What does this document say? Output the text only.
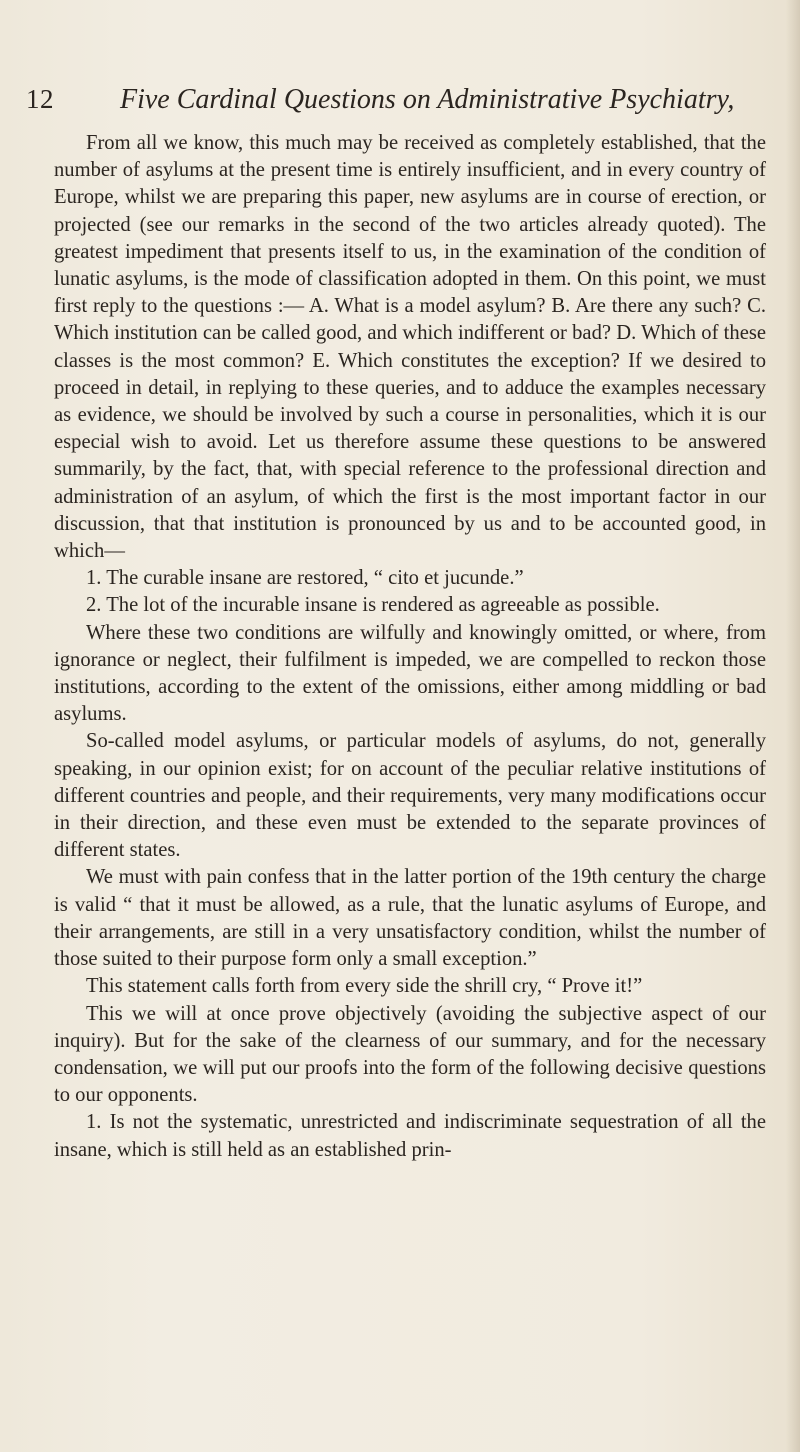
12 Five Cardinal Questions on Administrative Psychiatry,

From all we know, this much may be received as completely established, that the number of asylums at the present time is entirely insufficient, and in every country of Europe, whilst we are preparing this paper, new asylums are in course of erection, or projected (see our remarks in the second of the two articles already quoted). The greatest impediment that presents itself to us, in the examination of the condition of lunatic asylums, is the mode of classification adopted in them. On this point, we must first reply to the questions :— A. What is a model asylum? B. Are there any such? C. Which institution can be called good, and which indifferent or bad? D. Which of these classes is the most common? E. Which constitutes the exception? If we desired to proceed in detail, in replying to these queries, and to adduce the examples necessary as evidence, we should be involved by such a course in personalities, which it is our especial wish to avoid. Let us therefore assume these questions to be answered summarily, by the fact, that, with special reference to the professional direction and administration of an asylum, of which the first is the most important factor in our discussion, that that institution is pronounced by us and to be accounted good, in which—

1. The curable insane are restored, “ cito et jucunde.”

2. The lot of the incurable insane is rendered as agreeable as possible.

Where these two conditions are wilfully and knowingly omitted, or where, from ignorance or neglect, their fulfilment is impeded, we are compelled to reckon those institutions, according to the extent of the omissions, either among middling or bad asylums.

So-called model asylums, or particular models of asylums, do not, generally speaking, in our opinion exist; for on account of the peculiar relative institutions of different countries and people, and their requirements, very many modifications occur in their direction, and these even must be extended to the separate provinces of different states.

We must with pain confess that in the latter portion of the 19th century the charge is valid “ that it must be allowed, as a rule, that the lunatic asylums of Europe, and their arrangements, are still in a very unsatisfactory condition, whilst the number of those suited to their purpose form only a small exception.”

This statement calls forth from every side the shrill cry, “ Prove it!”

This we will at once prove objectively (avoiding the subjective aspect of our inquiry). But for the sake of the clearness of our summary, and for the necessary condensation, we will put our proofs into the form of the following decisive questions to our opponents.

1. Is not the systematic, unrestricted and indiscriminate sequestration of all the insane, which is still held as an established prin-
